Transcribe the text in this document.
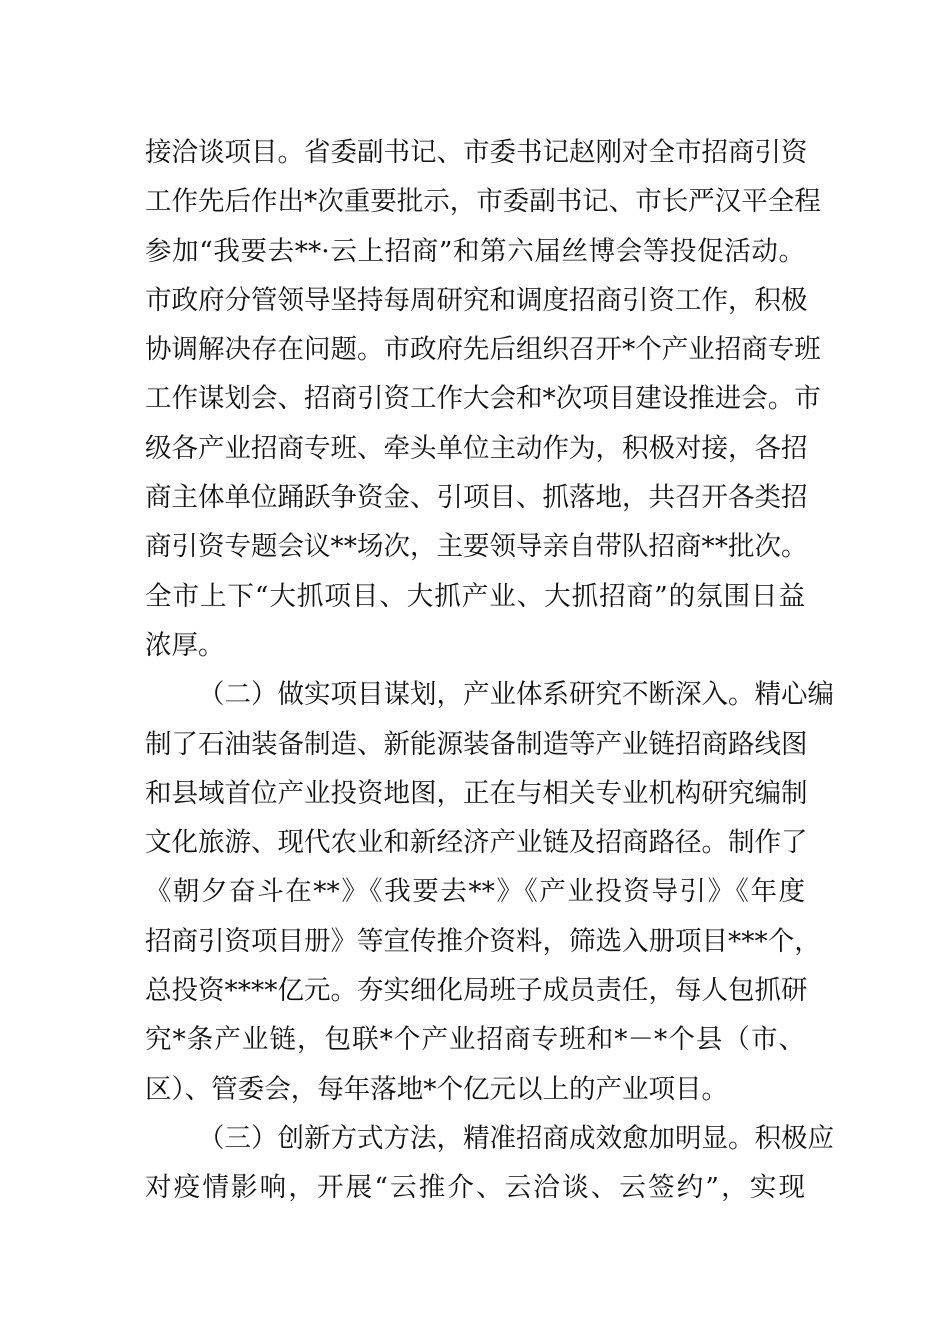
接洽谈项目。省委副书记、市委书记赵刚对全市招商引资
工作先后作出*次重要批示，市委副书记、市长严汉平全程
参加“我要去**·云上招商”和第六届丝博会等投促活动。
市政府分管领导坚持每周研究和调度招商引资工作，积极
协调解决存在问题。市政府先后组织召开*个产业招商专班
工作谋划会、招商引资工作大会和*次项目建设推进会。市
级各产业招商专班、牵头单位主动作为，积极对接，各招
商主体单位踊跃争资金、引项目、抓落地，共召开各类招
商引资专题会议**场次，主要领导亲自带队招商**批次。
全市上下“大抓项目、大抓产业、大抓招商”的氛围日益
浓厚。
（二）做实项目谋划，产业体系研究不断深入。精心编
制了石油装备制造、新能源装备制造等产业链招商路线图
和县域首位产业投资地图，正在与相关专业机构研究编制
文化旅游、现代农业和新经济产业链及招商路径。制作了
《朝夕奋斗在**》《我要去**》《产业投资导引》《年度
招商引资项目册》等宣传推介资料，筛选入册项目***个，
总投资****亿元。夯实细化局班子成员责任，每人包抓研
究*条产业链，包联*个产业招商专班和*－*个县（市、
区）、管委会，每年落地*个亿元以上的产业项目。
（三）创新方式方法，精准招商成效愈加明显。积极应
对疫情影响，开展“云推介、云洽谈、云签约”，实现
